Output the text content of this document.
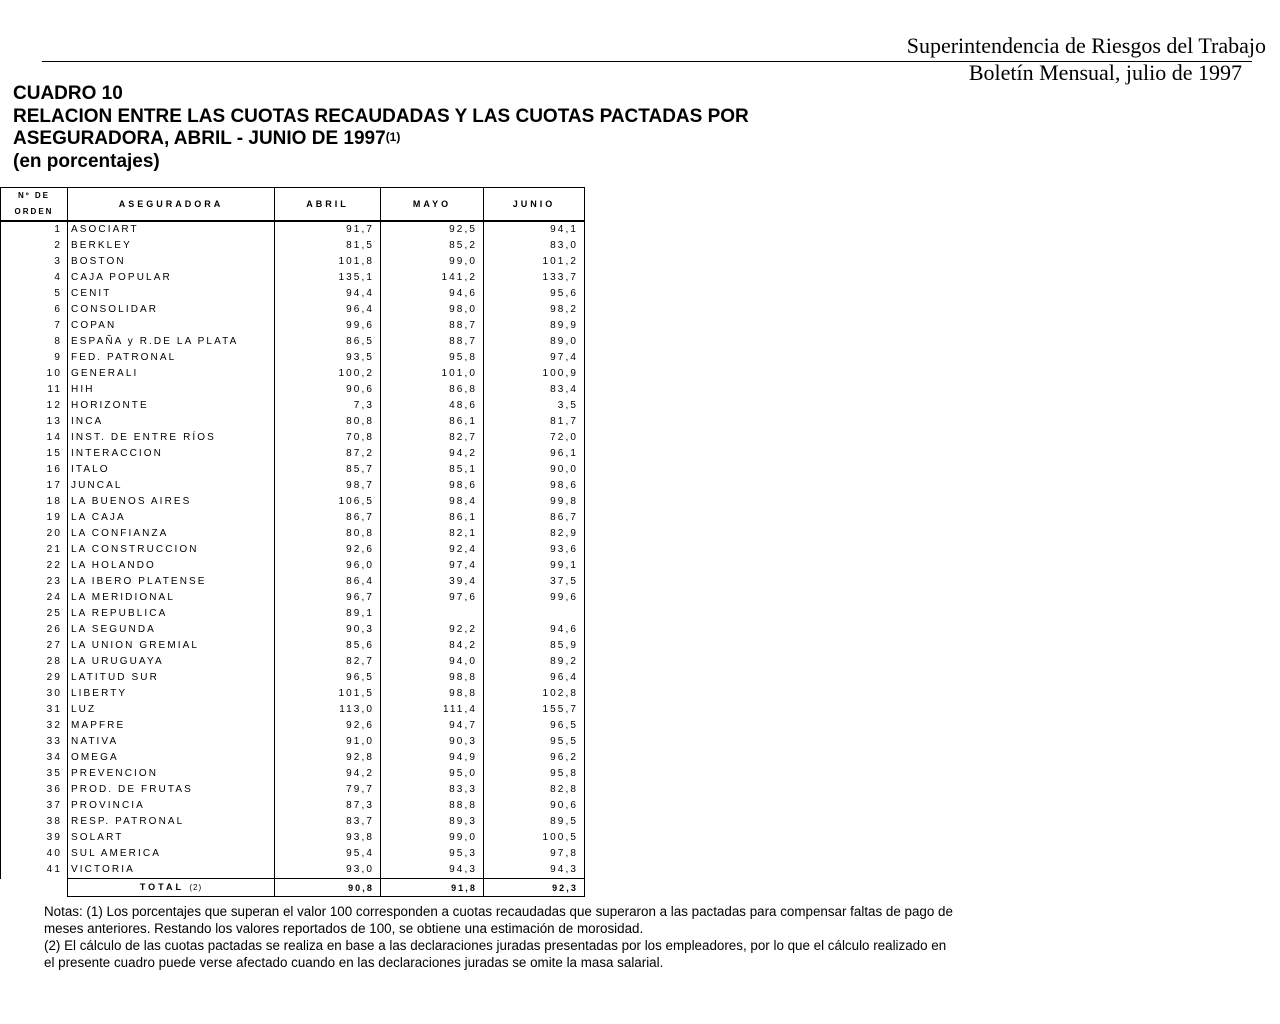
Superintendencia de Riesgos del Trabajo
Boletín Mensual, julio de 1997
CUADRO 10
RELACION ENTRE LAS CUOTAS RECAUDADAS Y LAS CUOTAS PACTADAS POR
ASEGURADORA, ABRIL - JUNIO DE 1997$^{(1)}$
(en porcentajes)
Nº DE
ORDEN	ASEGURADORA	ABRIL	MAYO	JUNIO
1	ASOCIART	91,7	92,5	94,1
2	BERKLEY	81,5	85,2	83,0
3	BOSTON	101,8	99,0	101,2
4	CAJA POPULAR	135,1	141,2	133,7
5	CENIT	94,4	94,6	95,6
6	CONSOLIDAR	96,4	98,0	98,2
7	COPAN	99,6	88,7	89,9
8	ESPAÑA y R.DE LA PLATA	86,5	88,7	89,0
9	FED. PATRONAL	93,5	95,8	97,4
10	GENERALI	100,2	101,0	100,9
11	HIH	90,6	86,8	83,4
12	HORIZONTE	7,3	48,6	3,5
13	INCA	80,8	86,1	81,7
14	INST. DE ENTRE RÍOS	70,8	82,7	72,0
15	INTERACCION	87,2	94,2	96,1
16	ITALO	85,7	85,1	90,0
17	JUNCAL	98,7	98,6	98,6
18	LA BUENOS AIRES	106,5	98,4	99,8
19	LA CAJA	86,7	86,1	86,7
20	LA CONFIANZA	80,8	82,1	82,9
21	LA CONSTRUCCION	92,6	92,4	93,6
22	LA HOLANDO	96,0	97,4	99,1
23	LA IBERO PLATENSE	86,4	39,4	37,5
24	LA MERIDIONAL	96,7	97,6	99,6
25	LA REPUBLICA	89,1		
26	LA SEGUNDA	90,3	92,2	94,6
27	LA UNION GREMIAL	85,6	84,2	85,9
28	LA URUGUAYA	82,7	94,0	89,2
29	LATITUD SUR	96,5	98,8	96,4
30	LIBERTY	101,5	98,8	102,8
31	LUZ	113,0	111,4	155,7
32	MAPFRE	92,6	94,7	96,5
33	NATIVA	91,0	90,3	95,5
34	OMEGA	92,8	94,9	96,2
35	PREVENCION	94,2	95,0	95,8
36	PROD. DE FRUTAS	79,7	83,3	82,8
37	PROVINCIA	87,3	88,8	90,6
38	RESP. PATRONAL	83,7	89,3	89,5
39	SOLART	93,8	99,0	100,5
40	SUL AMERICA	95,4	95,3	97,8
41	VICTORIA	93,0	94,3	94,3
	TOTAL (2)	90,8	91,8	92,3

Notas: (1) Los porcentajes que superan el valor 100 corresponden a cuotas recaudadas que superaron a las pactadas para compensar faltas de pago de meses anteriores. Restando los valores reportados de 100, se obtiene una estimación de morosidad.

(2) El cálculo de las cuotas pactadas se realiza en base a las declaraciones juradas presentadas por los empleadores, por lo que el cálculo realizado en el presente cuadro puede verse afectado cuando en las declaraciones juradas se omite la masa salarial.
